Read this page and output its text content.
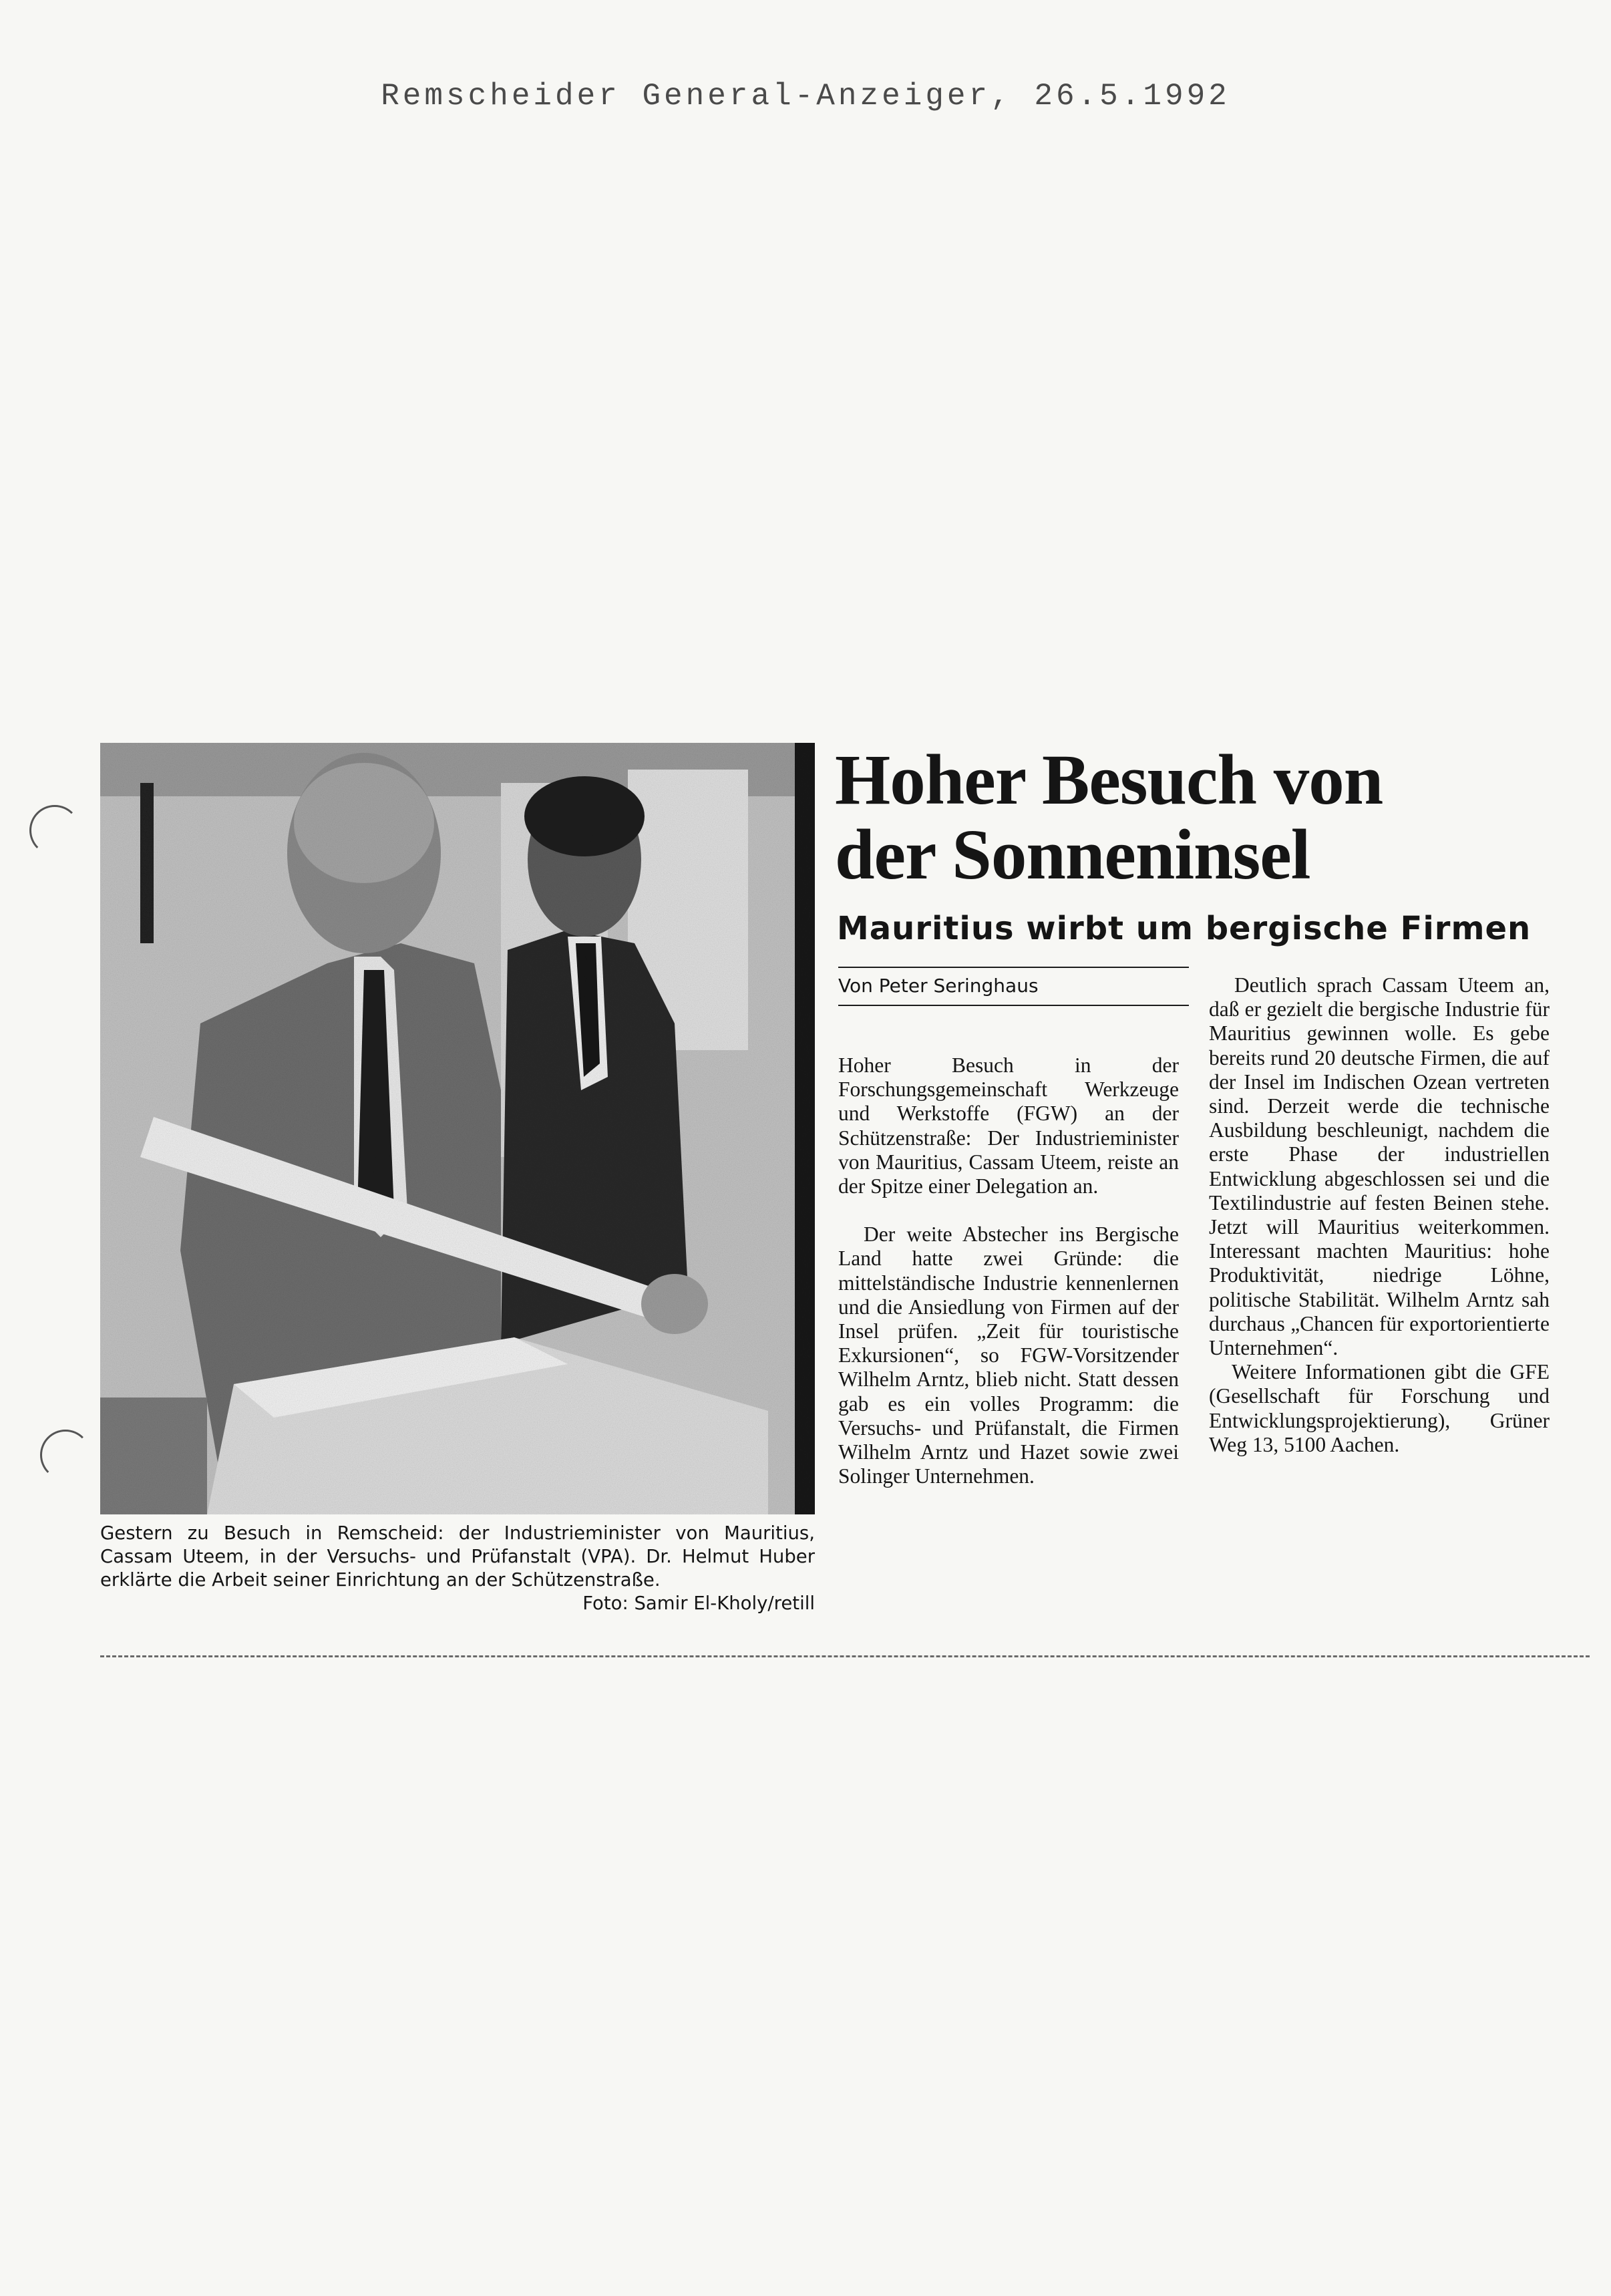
Remscheider General-Anzeiger, 26.5.1992
Gestern zu Besuch in Remscheid: der Industrieminister von Mauritius, Cassam Uteem, in der Versuchs- und Prüfanstalt (VPA). Dr. Helmut Huber erklärte die Arbeit seiner Einrichtung an der Schützenstraße.
Foto: Samir El-Kholy/retill
Hoher Besuch von
der Sonneninsel
Mauritius wirbt um bergische Firmen
Von Peter Seringhaus

Hoher Besuch in der Forschungsgemeinschaft Werkzeuge und Werkstoffe (FGW) an der Schützenstraße: Der Industrieminister von Mauritius, Cassam Uteem, reiste an der Spitze einer Delegation an.

Der weite Abstecher ins Bergische Land hatte zwei Gründe: die mittelständische Industrie kennenlernen und die Ansiedlung von Firmen auf der Insel prüfen. „Zeit für touristische Exkursionen“, so FGW-Vorsitzender Wilhelm Arntz, blieb nicht. Statt dessen gab es ein volles Programm: die Versuchs- und Prüfanstalt, die Firmen Wilhelm Arntz und Hazet sowie zwei Solinger Unternehmen.

Deutlich sprach Cassam Uteem an, daß er gezielt die bergische Industrie für Mauritius gewinnen wolle. Es gebe bereits rund 20 deutsche Firmen, die auf der Insel im Indischen Ozean vertreten sind. Derzeit werde die technische Ausbildung beschleunigt, nachdem die erste Phase der industriellen Entwicklung abgeschlossen sei und die Textilindustrie auf festen Beinen stehe. Jetzt will Mauritius weiterkommen. Interessant machten Mauritius: hohe Produktivität, niedrige Löhne, politische Stabilität. Wilhelm Arntz sah durchaus „Chancen für exportorientierte Unternehmen“.

Weitere Informationen gibt die GFE (Gesellschaft für Forschung und Entwicklungsprojektierung), Grüner Weg 13, 5100 Aachen.
